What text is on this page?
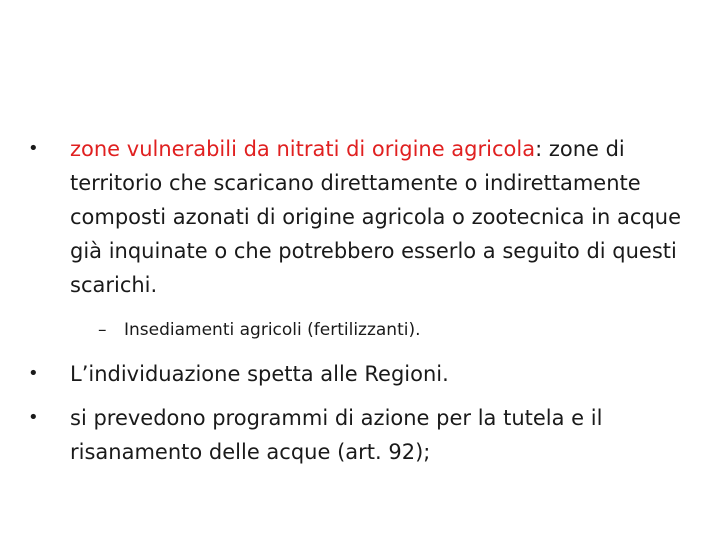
• zone vulnerabili da nitrati di origine agricola: zone di territorio che scaricano direttamente o indirettamente composti azonati di origine agricola o zootecnica in acque già inquinate o che potrebbero esserlo a seguito di questi scarichi.
– Insediamenti agricoli (fertilizzanti).
• L’individuazione spetta alle Regioni.
• si prevedono programmi di azione per la tutela e il risanamento delle acque (art. 92);
